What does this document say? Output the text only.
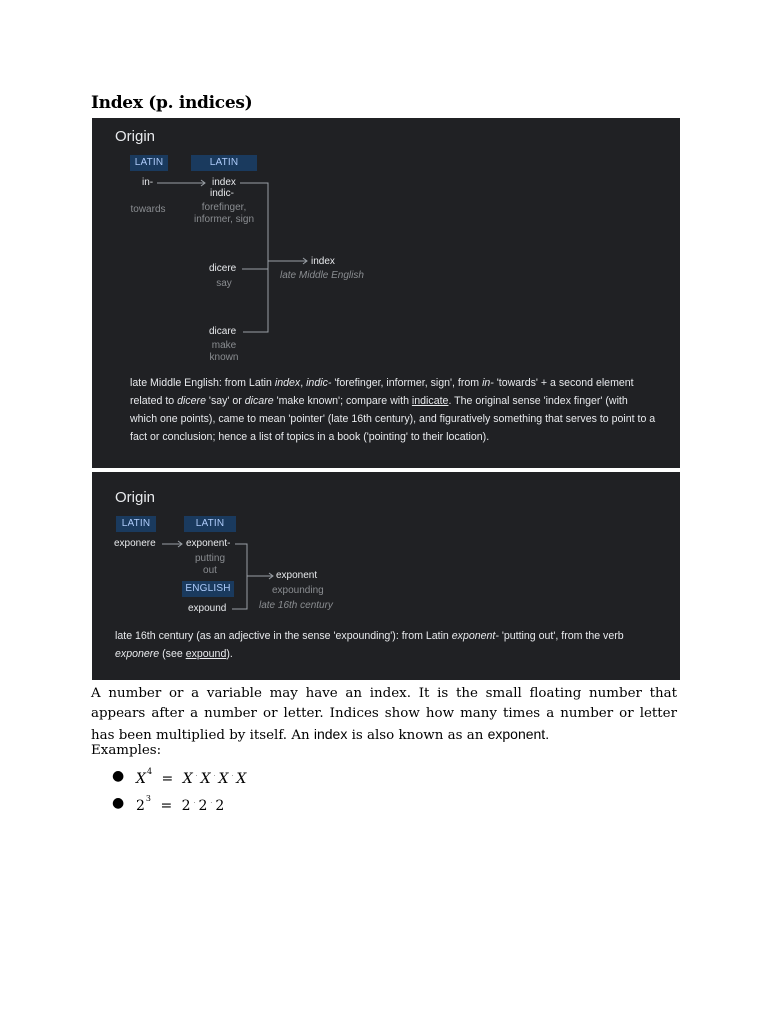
Index (p. indices)
Origin
LATIN	LATIN
in-
towards
index
indic-
forefinger, informer, sign
dicere
say
dicare
make known
index
late Middle English
late Middle English: from Latin index, indic- 'forefinger, informer, sign', from in- 'towards' + a second element related to dicere 'say' or dicare 'make known'; compare with indicate. The original sense 'index finger' (with which one points), came to mean 'pointer' (late 16th century), and figuratively something that serves to point to a fact or conclusion; hence a list of topics in a book ('pointing' to their location).
Origin
LATIN	LATIN
ENGLISH
exponere	exponent-
putting out
expound
exponent
expounding
late 16th century
late 16th century (as an adjective in the sense 'expounding'): from Latin exponent- 'putting out', from the verb exponere (see expound).
A number or a variable may have an index. It is the small floating number that appears after a number or letter. Indices show how many times a number or letter has been multiplied by itself. An index is also known as an exponent.
Examples:
● $X^4 = X$ · X · X · X
● $2^3 = 2$ · 2 · 2
